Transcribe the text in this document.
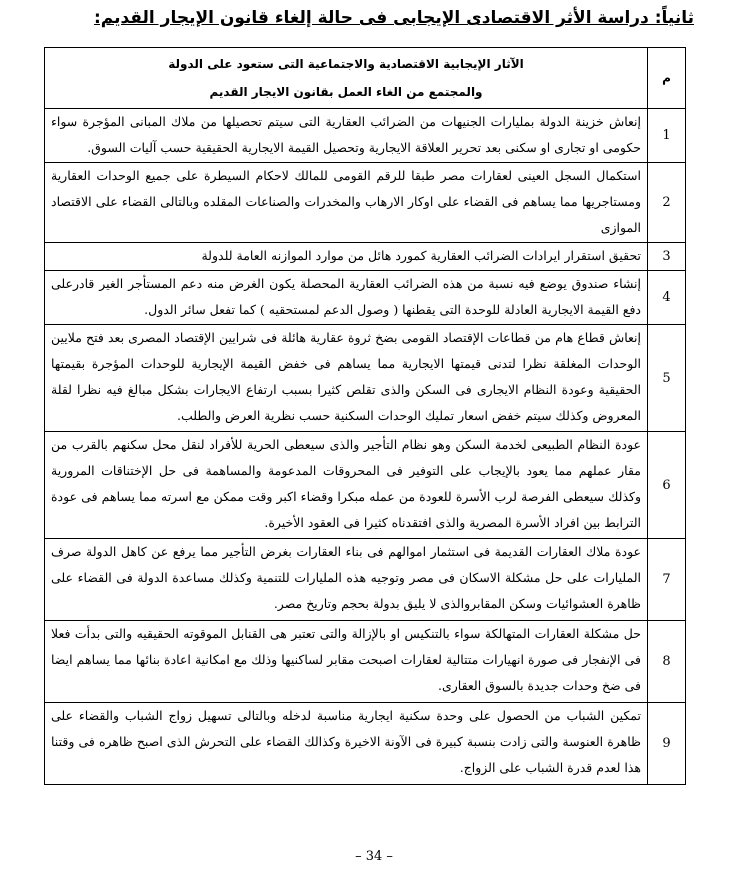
ثانياً: دراسة الأثر الاقتصادى الإيجابى فى حالة إلغاء قانون الإيجار القديم:
م	الآثار الإيجابية الاقتصادية والاجتماعية التى ستعود على الدولة
والمجتمع من الغاء العمل بقانون الايجار القديم

1	إنعاش خزينة الدولة بمليارات الجنيهات من الضرائب العقارية التى سيتم تحصيلها من ملاك المبانى المؤجرة سواء حكومى او تجارى او سكنى بعد تحرير العلاقة الايجارية وتحصيل القيمة الايجارية الحقيقية حسب آليات السوق.
2	استكمال السجل العينى لعقارات مصر طبقا للرقم القومى للمالك لاحكام السيطرة على جميع الوحدات العقارية ومستاجريها مما يساهم فى القضاء على اوكار الارهاب والمخدرات والصناعات المقلده وبالتالى القضاء على الاقتصاد الموازى
3	تحقيق استقرار ايرادات الضرائب العقارية كمورد هائل من موارد الموازنه العامة للدولة
4	إنشاء صندوق يوضع فيه نسبة من هذه الضرائب العقارية المحصلة يكون الغرض منه دعم المستأجر الغير قادرعلى دفع القيمة الايجارية العادلة للوحدة التى يقطنها ( وصول الدعم لمستحقيه ) كما تفعل سائر الدول.
5	إنعاش قطاع هام من قطاعات الإقتصاد القومى بضخ ثروة عقارية هائلة فى شرايين الإقتصاد المصرى بعد فتح ملايين الوحدات المغلقة نظرا لتدنى قيمتها الايجارية مما يساهم فى خفض القيمة الإيجارية للوحدات المؤجرة بقيمتها الحقيقية وعودة النظام الايجارى فى السكن والذى تقلص كثيرا بسبب ارتفاع الايجارات بشكل مبالغ فيه نظرا لقلة المعروض وكذلك سيتم خفض اسعار تمليك الوحدات السكنية حسب نظرية العرض والطلب.
6	عودة النظام الطبيعى لخدمة السكن وهو نظام التأجير والذى سيعطى الحرية للأفراد لنقل محل سكنهم بالقرب من مقار عملهم مما يعود بالإيجاب على التوفير فى المحروقات المدعومة والمساهمة فى حل الإختناقات المرورية وكذلك سيعطى الفرصة لرب الأسرة للعودة من عمله مبكرا وقضاء اكبر وقت ممكن مع اسرته مما يساهم فى عودة الترابط بين افراد الأسرة المصرية والذى افتقدناه كثيرا فى العقود الأخيرة.
7	عودة ملاك العقارات القديمة فى استثمار اموالهم فى بناء العقارات بغرض التأجير مما يرفع عن كاهل الدولة صرف المليارات على حل مشكلة الاسكان فى مصر وتوجيه هذه المليارات للتنمية وكذلك مساعدة الدولة فى القضاء على ظاهرة العشوائيات وسكن المقابروالذى لا يليق بدولة بحجم وتاريخ مصر.
8	حل مشكلة العقارات المتهالكة سواء بالتنكيس او بالإزالة والتى تعتبر هى القنابل الموقوته الحقيقيه والتى بدأت فعلا فى الإنفجار فى صورة انهيارات متتالية لعقارات اصبحت مقابر لساكنيها وذلك مع امكانية اعادة بنائها مما يساهم ايضا فى ضخ وحدات جديدة بالسوق العقارى.
9	تمكين الشباب من الحصول على وحدة سكنية ايجارية مناسبة لدخله وبالتالى تسهيل زواج الشباب والقضاء على ظاهرة العنوسة والتى زادت بنسبة كبيرة فى الآونة الاخيرة وكذالك القضاء على التحرش الذى اصبح ظاهره فى وقتنا هذا لعدم قدرة الشباب على الزواج.
– 34 –
